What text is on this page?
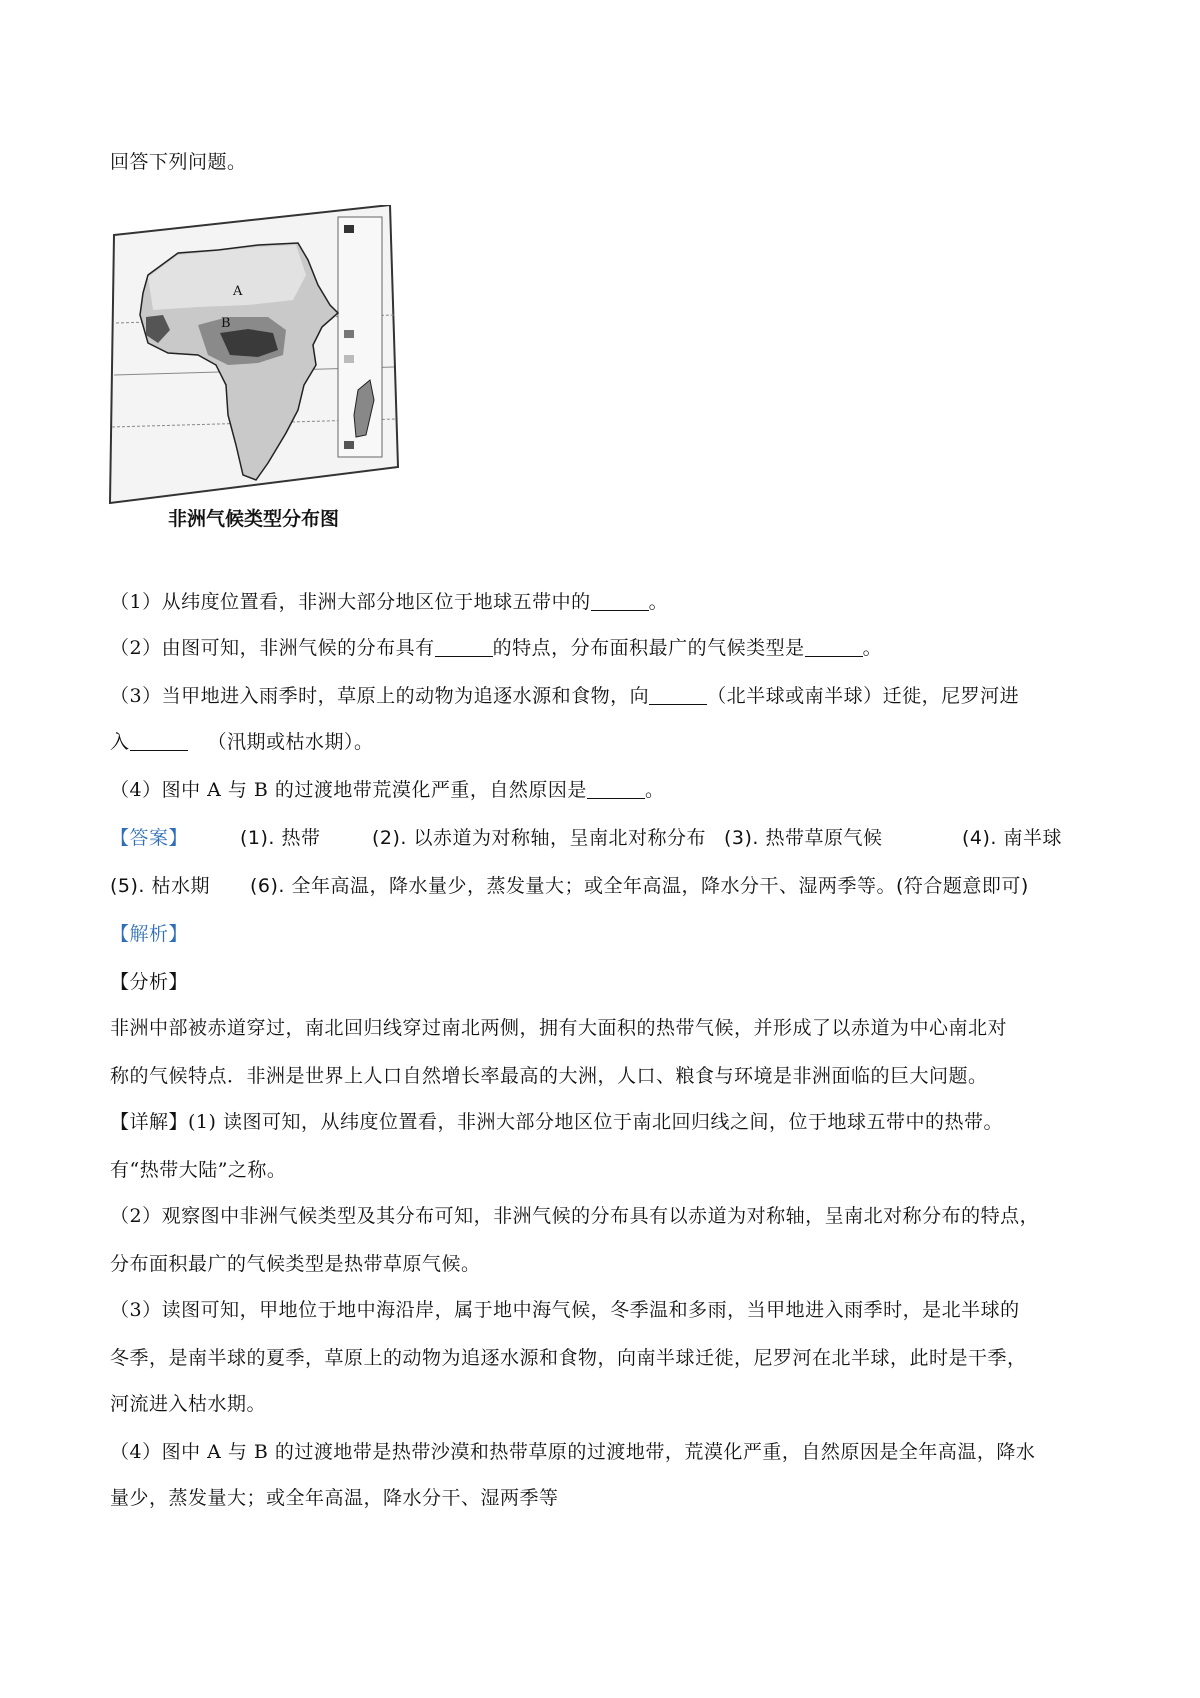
回答下列问题。
A
B
非洲气候类型分布图
（1）从纬度位置看，非洲大部分地区位于地球五带中的	。
（2）由图可知，非洲气候的分布具有	的特点，分布面积最广的气候类型是	。
（3）当甲地进入雨季时，草原上的动物为追逐水源和食物，向	（北半球或南半球）迁徙，尼罗河进
入	（汛期或枯水期）。
（4）图中 A 与 B 的过渡地带荒漠化严重，自然原因是	。
【答案】	(1). 热带	(2). 以赤道为对称轴，呈南北对称分布 (3). 热带草原气候	(4). 南半球
(5). 枯水期 (6). 全年高温，降水量少，蒸发量大；或全年高温，降水分干、湿两季等。(符合题意即可)
【解析】
【分析】
非洲中部被赤道穿过，南北回归线穿过南北两侧，拥有大面积的热带气候，并形成了以赤道为中心南北对
称的气候特点．非洲是世界上人口自然增长率最高的大洲，人口、粮食与环境是非洲面临的巨大问题。
【详解】(1) 读图可知，从纬度位置看，非洲大部分地区位于南北回归线之间，位于地球五带中的热带。
有“热带大陆”之称。
（2）观察图中非洲气候类型及其分布可知，非洲气候的分布具有以赤道为对称轴，呈南北对称分布的特点，
分布面积最广的气候类型是热带草原气候。
（3）读图可知，甲地位于地中海沿岸，属于地中海气候，冬季温和多雨，当甲地进入雨季时，是北半球的
冬季，是南半球的夏季，草原上的动物为追逐水源和食物，向南半球迁徙，尼罗河在北半球，此时是干季，
河流进入枯水期。
（4）图中 A 与 B 的过渡地带是热带沙漠和热带草原的过渡地带，荒漠化严重，自然原因是全年高温，降水
量少，蒸发量大；或全年高温，降水分干、湿两季等
